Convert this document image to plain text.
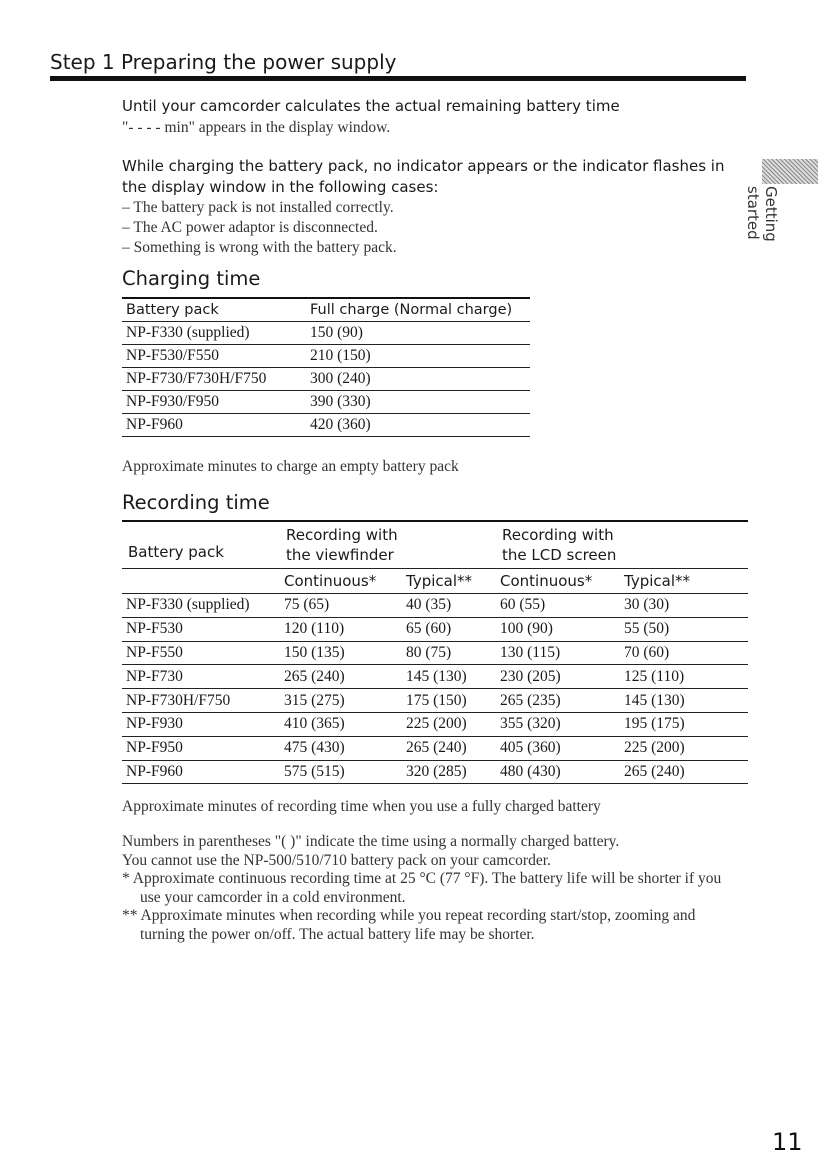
Step 1 Preparing the power supply
Until your camcorder calculates the actual remaining battery time

"- - - - min" appears in the display window.
While charging the battery pack, no indicator appears or the indicator flashes in
the display window in the following cases:
– The battery pack is not installed correctly.
– The AC power adaptor is disconnected.
– Something is wrong with the battery pack.
Getting started
Charging time
Battery pack	Full charge (Normal charge)
NP-F330 (supplied)	150 (90)
NP-F530/F550	210 (150)
NP-F730/F730H/F750	300 (240)
NP-F930/F950	390 (330)
NP-F960	420 (360)
Approximate minutes to charge an empty battery pack
Recording time
Battery pack
Recording with
the viewfinder
Recording with
the LCD screen
Continuous*	Typical**	Continuous*	Typical**
NP-F330 (supplied)	75 (65)	40 (35)	60 (55)	30 (30)
NP-F530	120 (110)	65 (60)	100 (90)	55 (50)
NP-F550	150 (135)	80 (75)	130 (115)	70 (60)
NP-F730	265 (240)	145 (130)	230 (205)	125 (110)
NP-F730H/F750	315 (275)	175 (150)	265 (235)	145 (130)
NP-F930	410 (365)	225 (200)	355 (320)	195 (175)
NP-F950	475 (430)	265 (240)	405 (360)	225 (200)
NP-F960	575 (515)	320 (285)	480 (430)	265 (240)
Approximate minutes of recording time when you use a fully charged battery

Numbers in parentheses "( )" indicate the time using a normally charged battery.

You cannot use the NP-500/510/710 battery pack on your camcorder.

* Approximate continuous recording time at 25 °C (77 °F). The battery life will be shorter if you use your camcorder in a cold environment.

** Approximate minutes when recording while you repeat recording start/stop, zooming and turning the power on/off. The actual battery life may be shorter.

11
